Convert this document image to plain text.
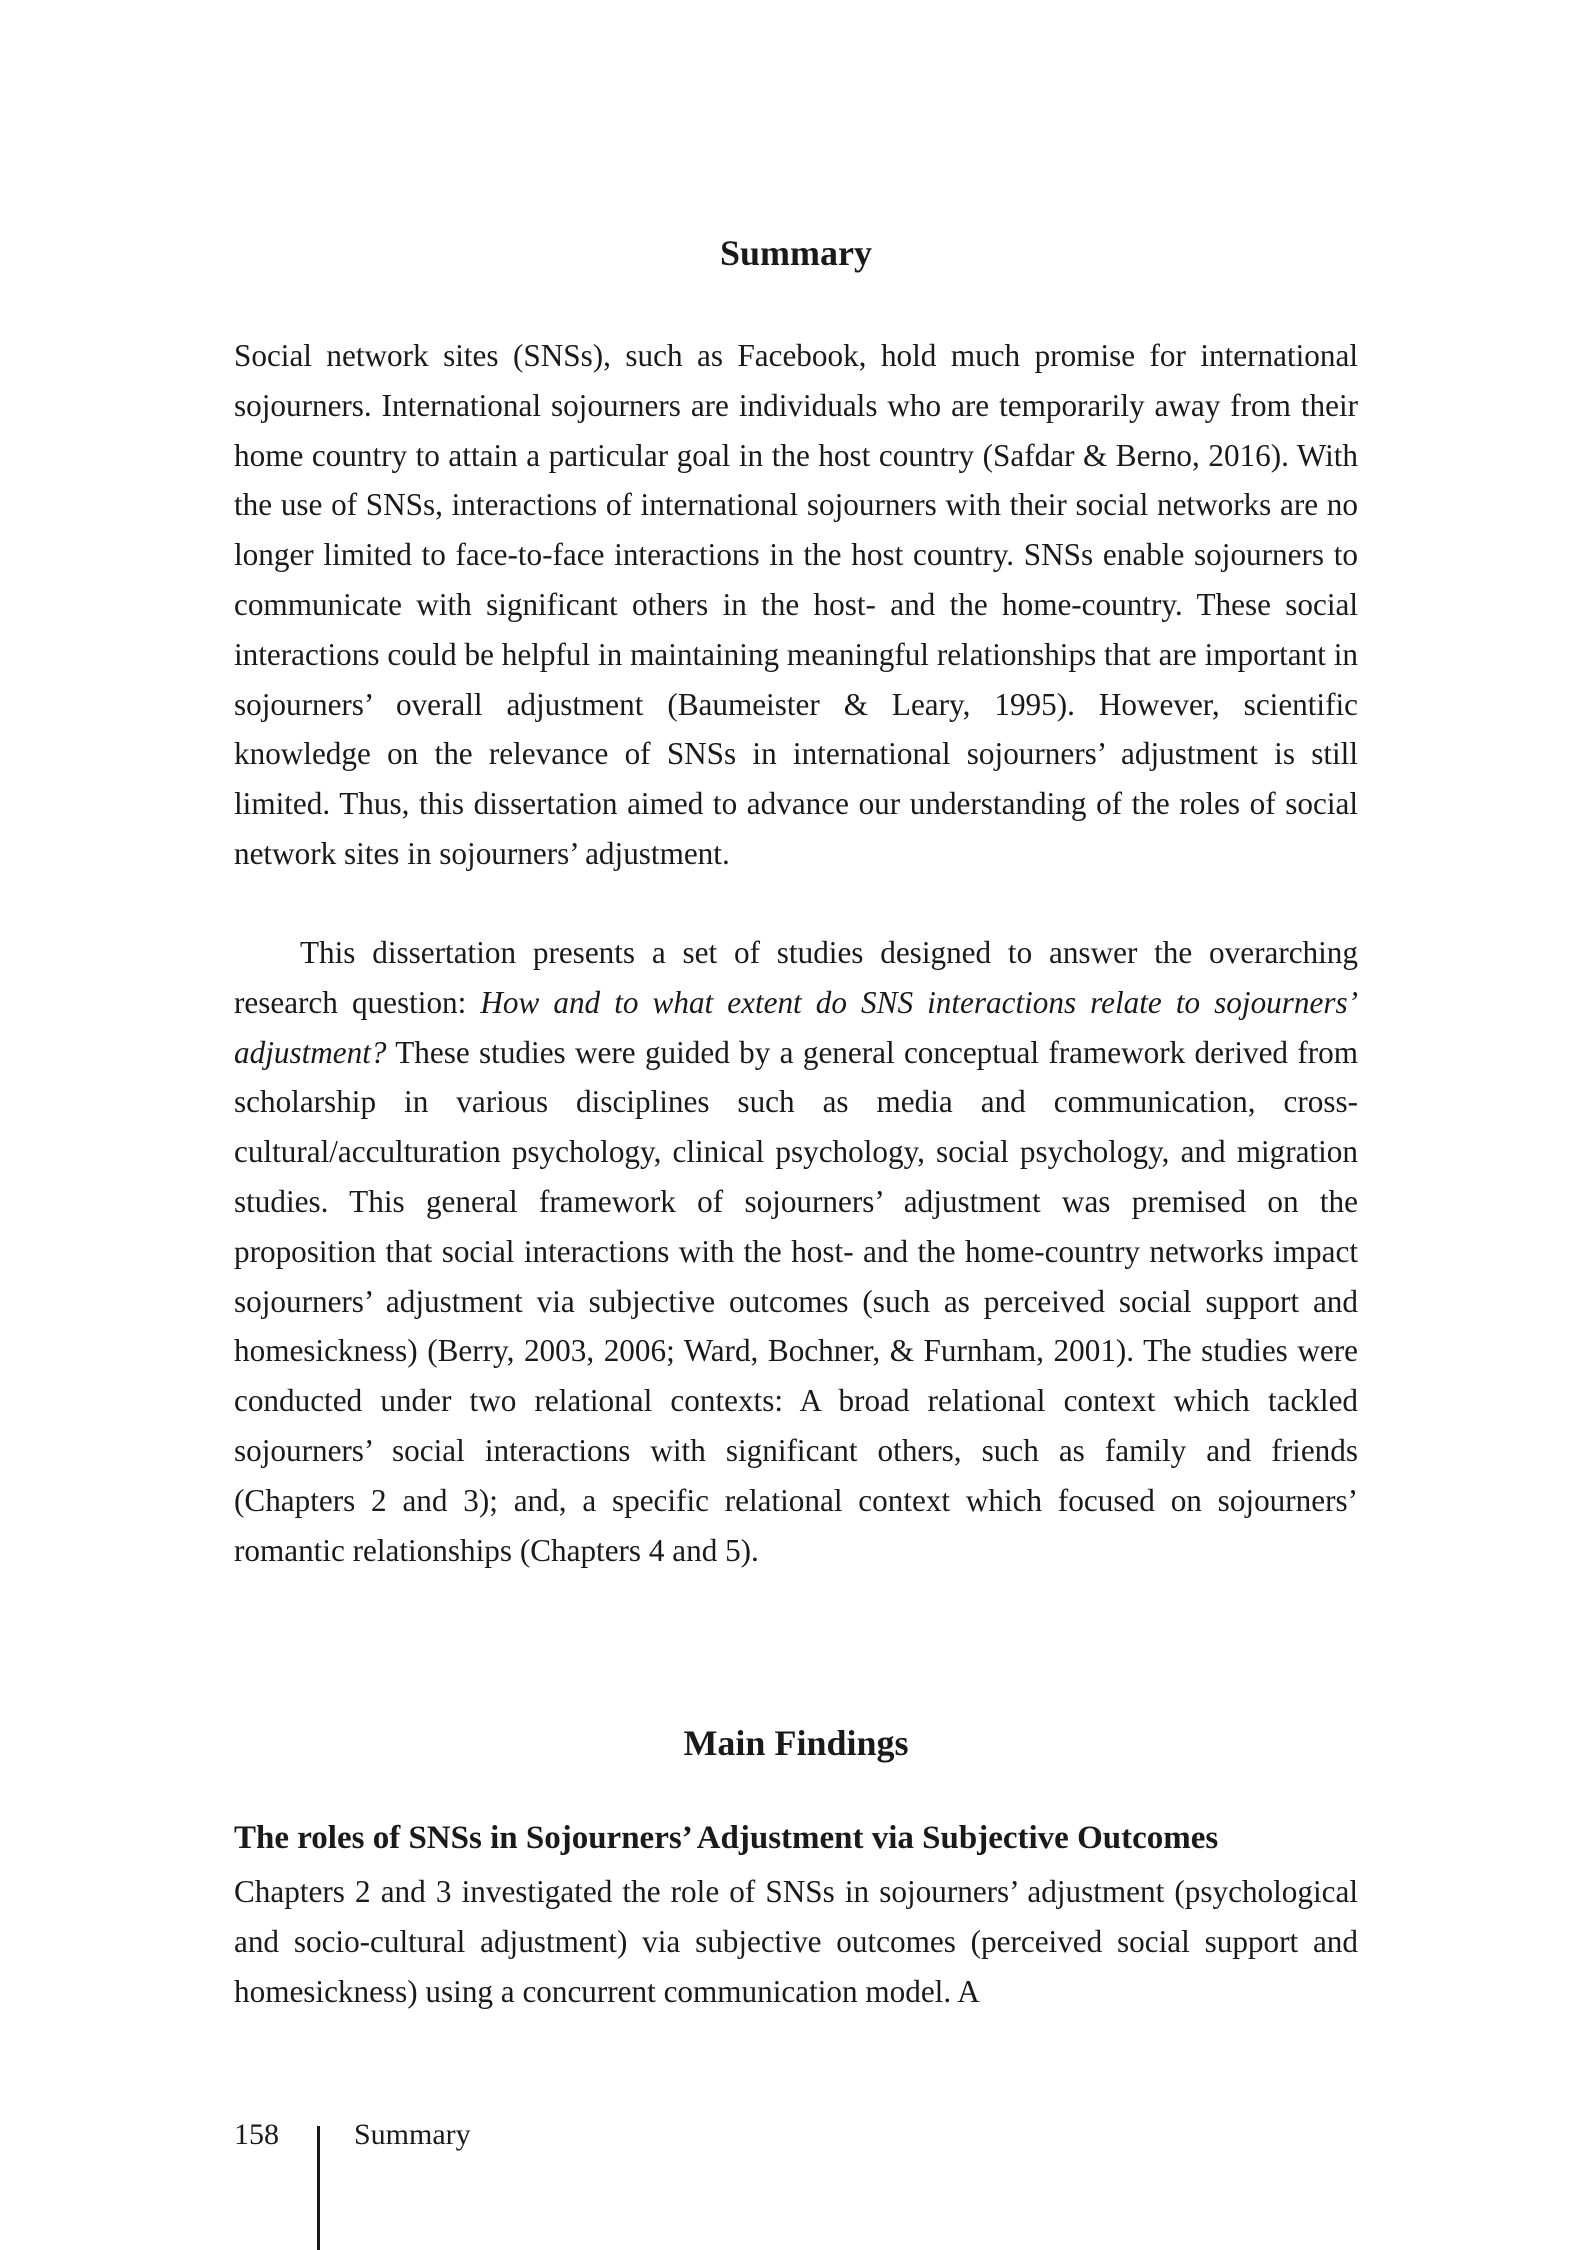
Summary

Social network sites (SNSs), such as Facebook, hold much promise for international sojourners. International sojourners are individuals who are temporarily away from their home country to attain a particular goal in the host country (Safdar & Berno, 2016). With the use of SNSs, interactions of international sojourners with their social networks are no longer limited to face-to-face interactions in the host country. SNSs enable sojourners to communicate with significant others in the host- and the home-country. These social interactions could be helpful in maintaining meaningful relationships that are important in sojourners’ overall adjustment (Baumeister & Leary, 1995). However, scientific knowledge on the relevance of SNSs in international sojourners’ adjustment is still limited. Thus, this dissertation aimed to advance our understanding of the roles of social network sites in sojourners’ adjustment.

This dissertation presents a set of studies designed to answer the overarching research question: How and to what extent do SNS interactions relate to sojourners’ adjustment? These studies were guided by a general conceptual framework derived from scholarship in various disciplines such as media and communication, cross-cultural/acculturation psychology, clinical psychology, social psychology, and migration studies. This general framework of sojourners’ adjustment was premised on the proposition that social interactions with the host- and the home-country networks impact sojourners’ adjustment via subjective outcomes (such as perceived social support and homesickness) (Berry, 2003, 2006; Ward, Bochner, & Furnham, 2001). The studies were conducted under two relational contexts: A broad relational context which tackled sojourners’ social interactions with significant others, such as family and friends (Chapters 2 and 3); and, a specific relational context which focused on sojourners’ romantic relationships (Chapters 4 and 5).

Main Findings
The roles of SNSs in Sojourners’ Adjustment via Subjective Outcomes

Chapters 2 and 3 investigated the role of SNSs in sojourners’ adjustment (psychological and socio-cultural adjustment) via subjective outcomes (perceived social support and homesickness) using a concurrent communication model. A

158	Summary
